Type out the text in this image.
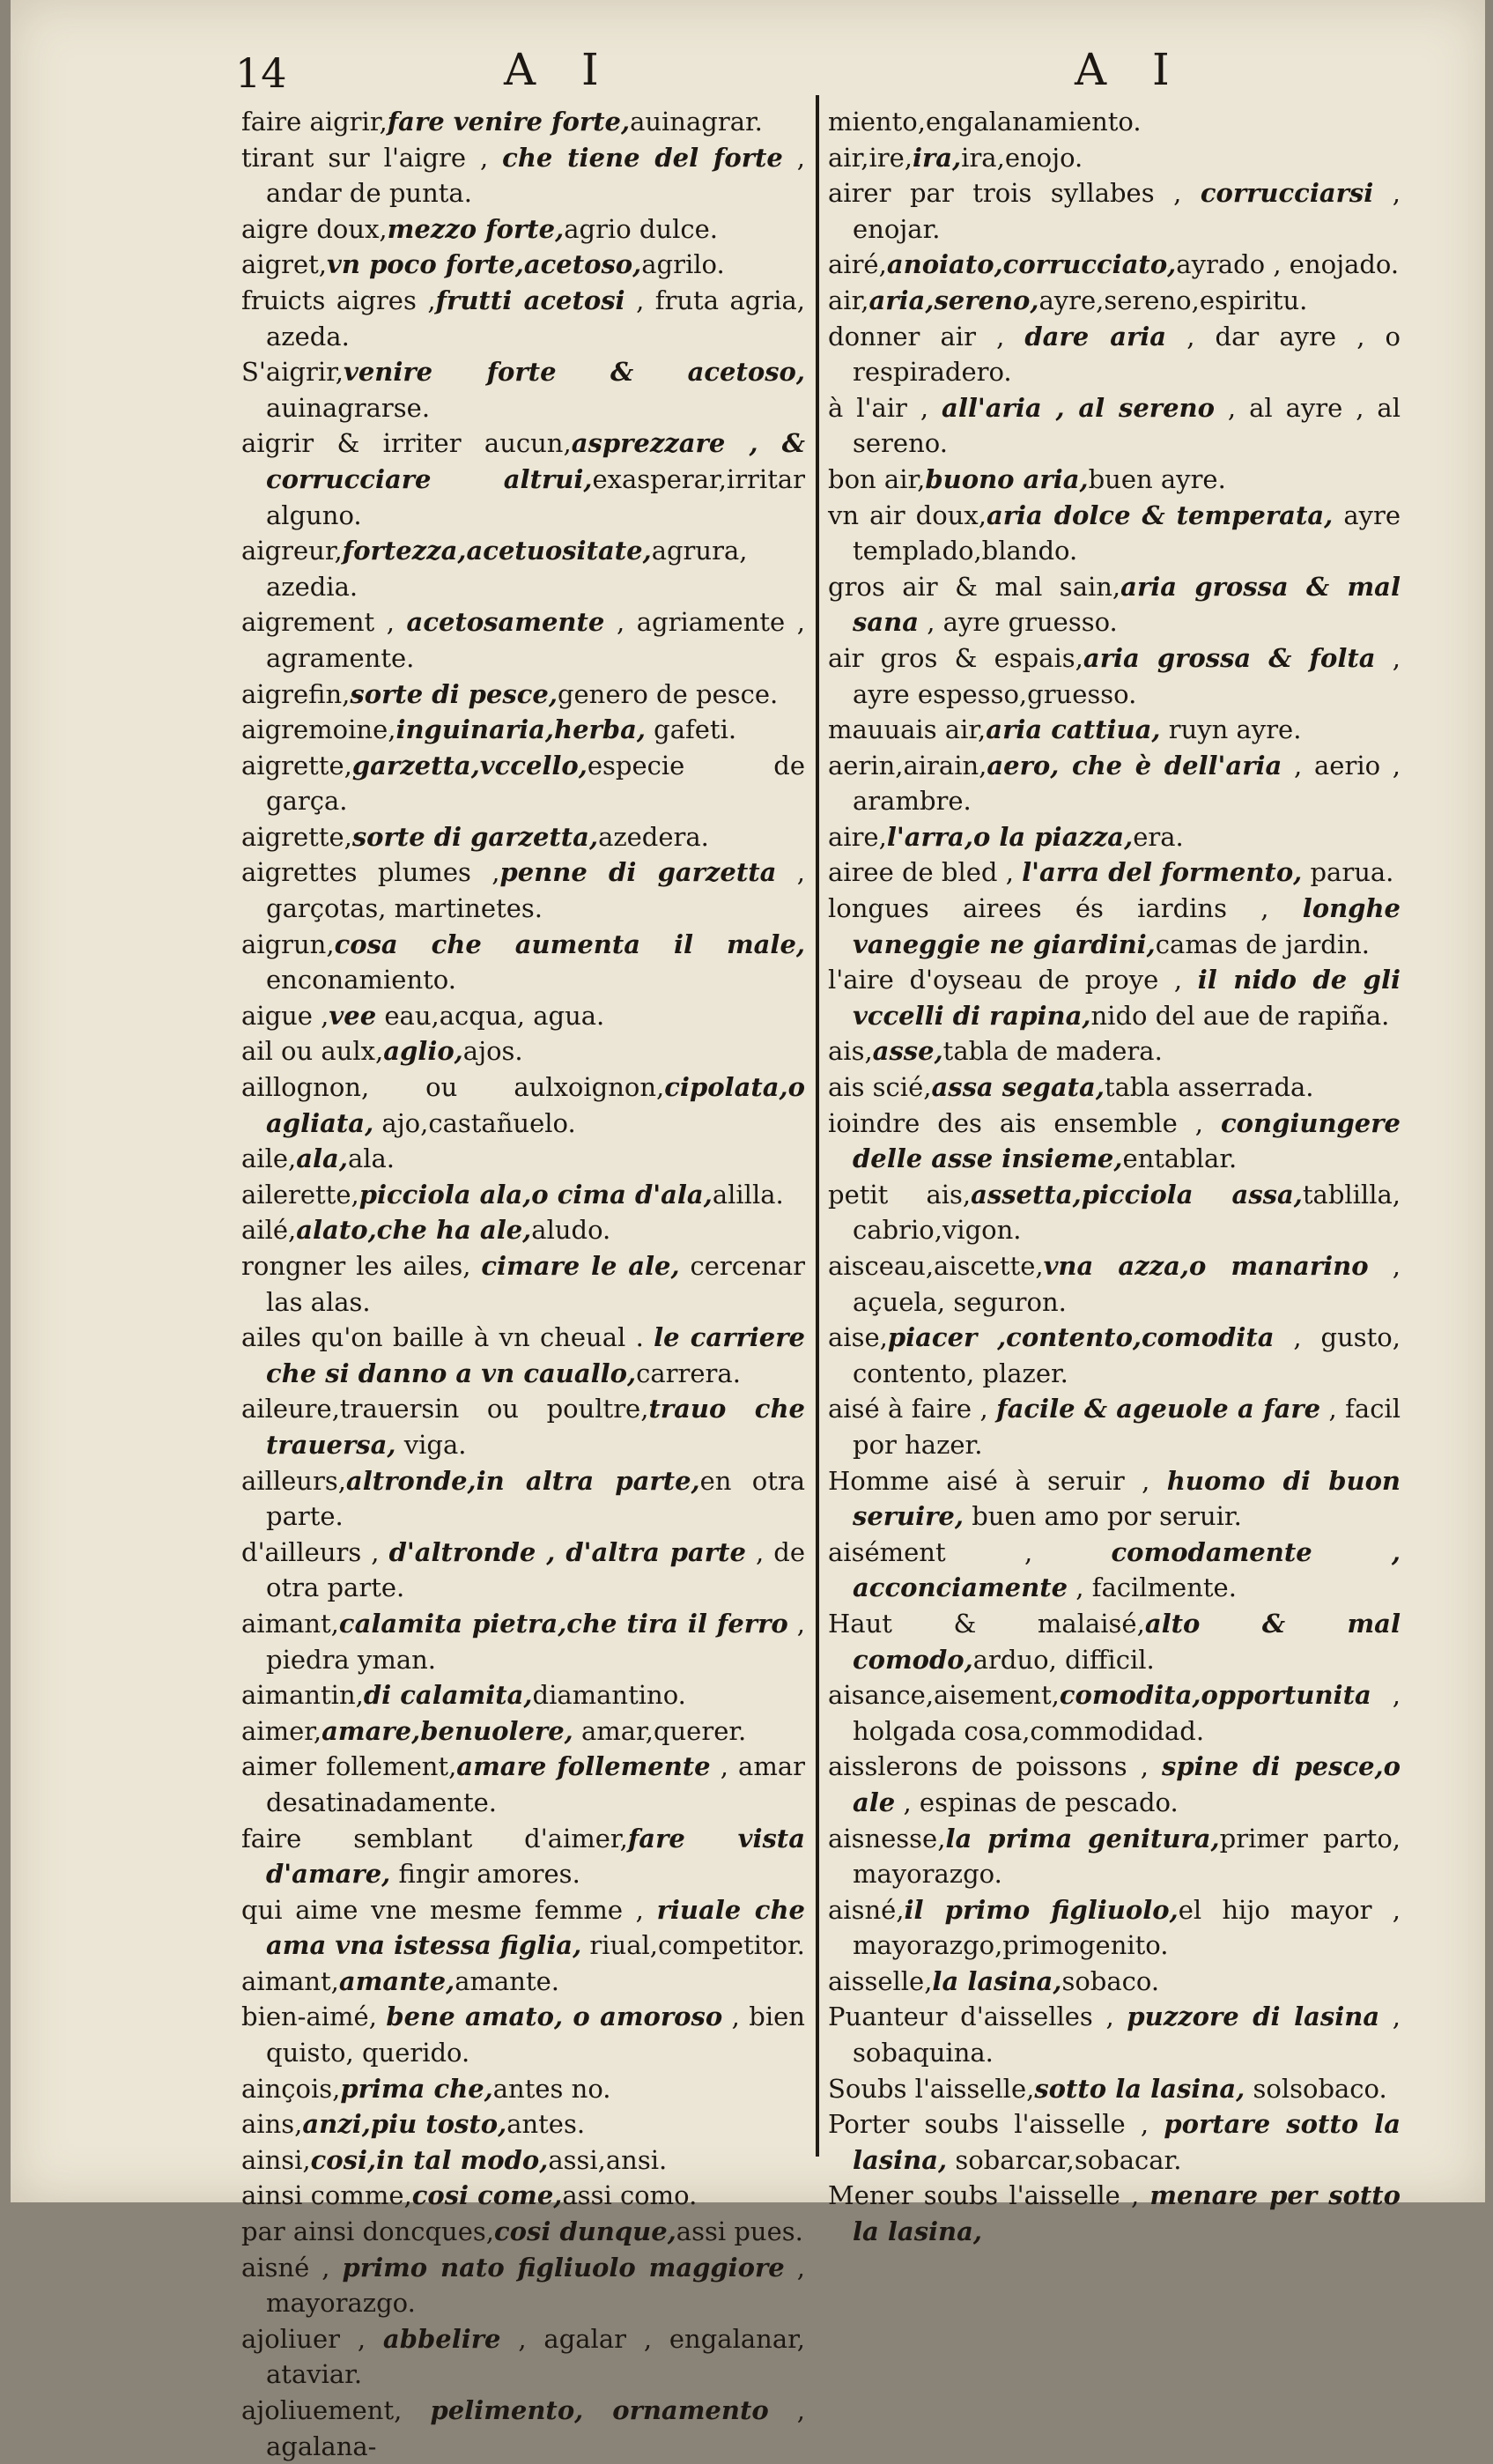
14	A I	A I

faire aigrir,fare venire forte,auinagrar.

tirant sur l'aigre , che tiene del forte , andar de punta.

aigre doux,mezzo forte,agrio dulce.

aigret,vn poco forte,acetoso,agrilo.

fruicts aigres ,frutti acetosi , fruta agria, azeda.

S'aigrir,venire forte & acetoso, auinagrarse.

aigrir & irriter aucun,asprezzare , & corrucciare altrui,exasperar,irritar alguno.

aigreur,fortezza,acetuositate,agrura, azedia.

aigrement , acetosamente , agriamente , agramente.

aigrefin,sorte di pesce,genero de pesce.

aigremoine,inguinaria,herba, gafeti.

aigrette,garzetta,vccello,especie de garça.

aigrette,sorte di garzetta,azedera.

aigrettes plumes ,penne di garzetta , garçotas, martinetes.

aigrun,cosa che aumenta il male, enconamiento.

aigue ,vee eau,acqua, agua.

ail ou aulx,aglio,ajos.

aillognon, ou aulxoignon,cipolata,o agliata, ajo,castañuelo.

aile,ala,ala.

ailerette,picciola ala,o cima d'ala,alilla.

ailé,alato,che ha ale,aludo.

rongner les ailes, cimare le ale, cercenar las alas.

ailes qu'on baille à vn cheual . le carriere che si danno a vn cauallo,carrera.

aileure,trauersin ou poultre,trauo che trauersa, viga.

ailleurs,altronde,in altra parte,en otra parte.

d'ailleurs , d'altronde , d'altra parte , de otra parte.

aimant,calamita pietra,che tira il ferro , piedra yman.

aimantin,di calamita,diamantino.

aimer,amare,benuolere, amar,querer.

aimer follement,amare follemente , amar desatinadamente.

faire semblant d'aimer,fare vista d'amare, fingir amores.

qui aime vne mesme femme , riuale che ama vna istessa figlia, riual,competitor.

aimant,amante,amante.

bien-aimé, bene amato, o amoroso , bien quisto, querido.

ainçois,prima che,antes no.

ains,anzi,piu tosto,antes.

ainsi,cosi,in tal modo,assi,ansi.

ainsi comme,cosi come,assi como.

par ainsi doncques,cosi dunque,assi pues.

aisné , primo nato figliuolo maggiore , mayorazgo.

ajoliuer , abbelire , agalar , engalanar, ataviar.

ajoliuement, pelimento, ornamento , agalana-

miento,engalanamiento.

air,ire,ira,ira,enojo.

airer par trois syllabes , corrucciarsi , enojar.

airé,anoiato,corrucciato,ayrado , enojado.

air,aria,sereno,ayre,sereno,espiritu.

donner air , dare aria , dar ayre , o respiradero.

à l'air , all'aria , al sereno , al ayre , al sereno.

bon air,buono aria,buen ayre.

vn air doux,aria dolce & temperata, ayre templado,blando.

gros air & mal sain,aria grossa & mal sana , ayre gruesso.

air gros & espais,aria grossa & folta , ayre espesso,gruesso.

mauuais air,aria cattiua, ruyn ayre.

aerin,airain,aero, che è dell'aria , aerio , arambre.

aire,l'arra,o la piazza,era.

airee de bled , l'arra del formento, parua.

longues airees és iardins , longhe vaneggie ne giardini,camas de jardin.

l'aire d'oyseau de proye , il nido de gli vccelli di rapina,nido del aue de rapiña.

ais,asse,tabla de madera.

ais scié,assa segata,tabla asserrada.

ioindre des ais ensemble , congiungere delle asse insieme,entablar.

petit ais,assetta,picciola assa,tablilla, cabrio,vigon.

aisceau,aiscette,vna azza,o manarino , açuela, seguron.

aise,piacer ,contento,comodita , gusto, contento, plazer.

aisé à faire , facile & ageuole a fare , facil por hazer.

Homme aisé à seruir , huomo di buon seruire, buen amo por seruir.

aisément , comodamente , acconciamente , facilmente.

Haut & malaisé,alto & mal comodo,arduo, difficil.

aisance,aisement,comodita,opportunita , holgada cosa,commodidad.

aisslerons de poissons , spine di pesce,o ale , espinas de pescado.

aisnesse,la prima genitura,primer parto, mayorazgo.

aisné,il primo figliuolo,el hijo mayor , mayorazgo,primogenito.

aisselle,la lasina,sobaco.

Puanteur d'aisselles , puzzore di lasina , sobaquina.

Soubs l'aisselle,sotto la lasina, solsobaco.

Porter soubs l'aisselle , portare sotto la lasina, sobarcar,sobacar.

Mener soubs l'aisselle , menare per sotto la lasina,
